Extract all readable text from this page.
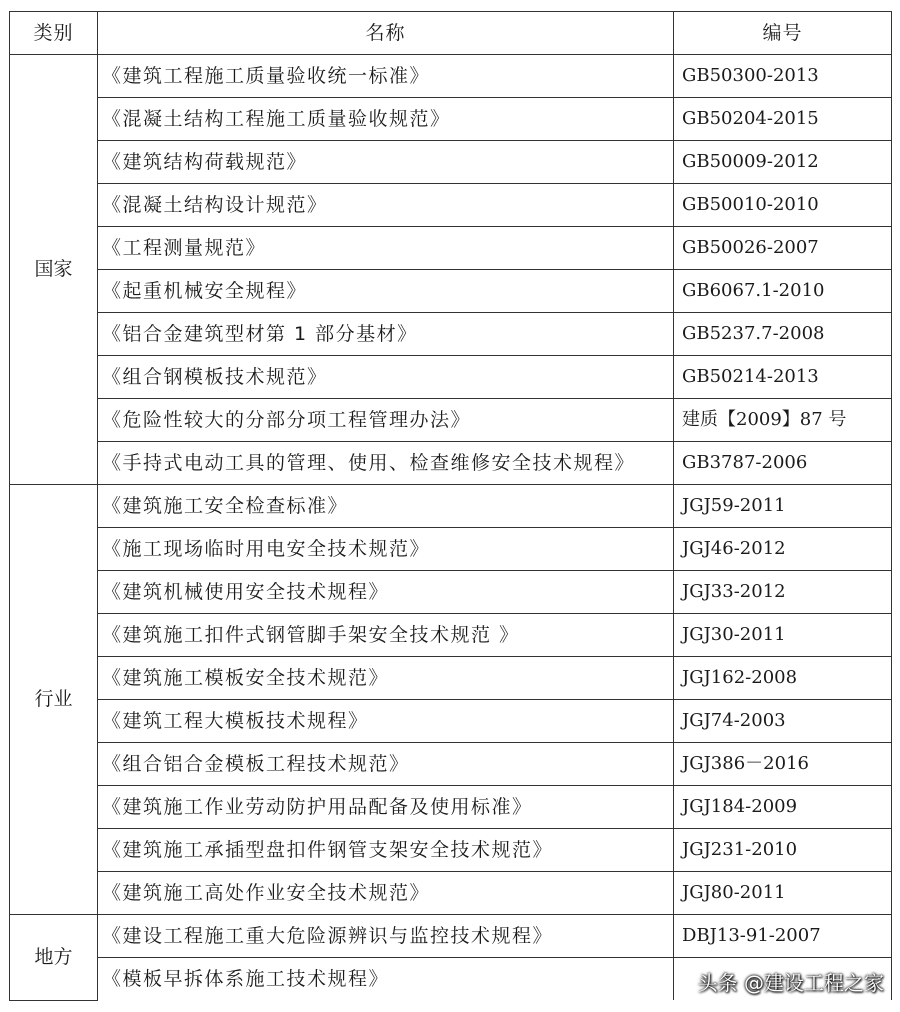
类别	名称	编号
国家	《建筑工程施工质量验收统一标准》	GB50300-2013
	《混凝土结构工程施工质量验收规范》	GB50204-2015
	《建筑结构荷载规范》	GB50009-2012
	《混凝土结构设计规范》	GB50010-2010
	《工程测量规范》	GB50026-2007
	《起重机械安全规程》	GB6067.1-2010
	《铝合金建筑型材第 1 部分基材》	GB5237.7-2008
	《组合钢模板技术规范》	GB50214-2013
	《危险性较大的分部分项工程管理办法》	建质【2009】87 号
	《手持式电动工具的管理、使用、检查维修安全技术规程》	GB3787-2006
行业	《建筑施工安全检查标准》	JGJ59-2011
	《施工现场临时用电安全技术规范》	JGJ46-2012
	《建筑机械使用安全技术规程》	JGJ33-2012
	《建筑施工扣件式钢管脚手架安全技术规范 》	JGJ30-2011
	《建筑施工模板安全技术规范》	JGJ162-2008
	《建筑工程大模板技术规程》	JGJ74-2003
	《组合铝合金模板工程技术规范》	JGJ386－2016
	《建筑施工作业劳动防护用品配备及使用标准》	JGJ184-2009
	《建筑施工承插型盘扣件钢管支架安全技术规范》	JGJ231-2010
	《建筑施工高处作业安全技术规范》	JGJ80-2011
地方	《建设工程施工重大危险源辨识与监控技术规程》	DBJ13-91-2007
	《模板早拆体系施工技术规程》		头条 @建设工程之家
